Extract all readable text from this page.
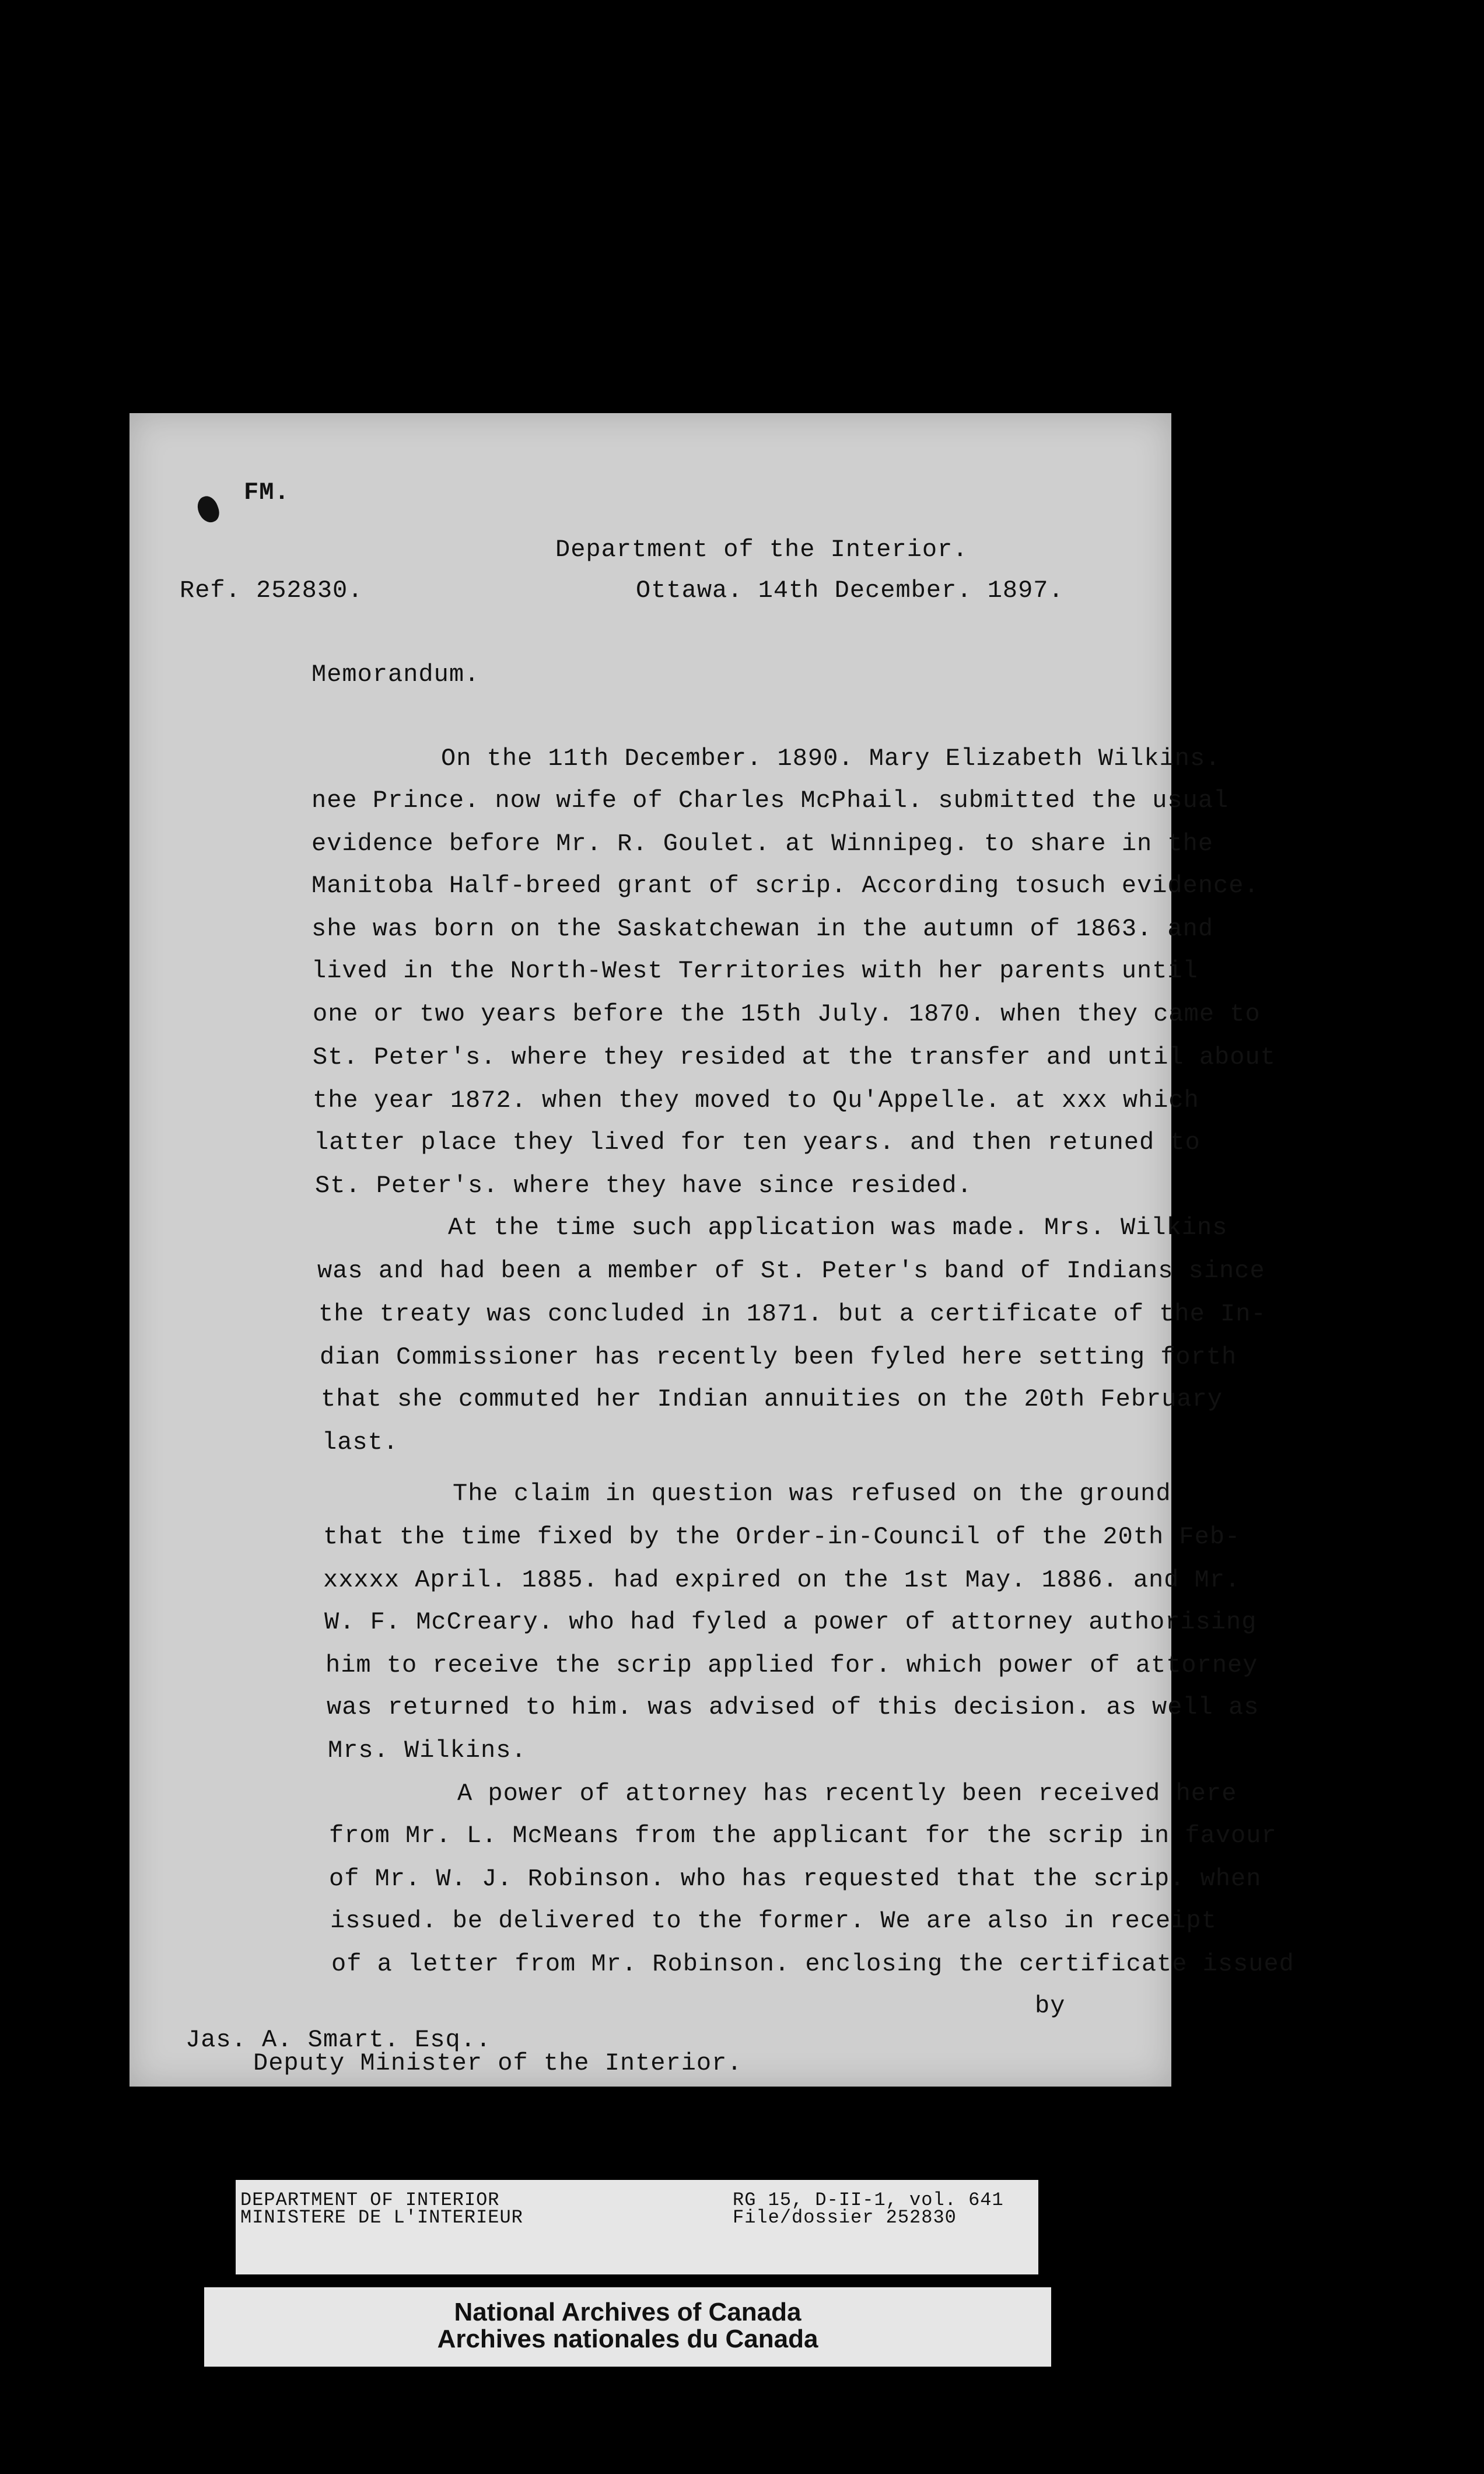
FM.
Department of the Interior.
Ref. 252830.	Ottawa. 14th December. 1897.
Memorandum.
On the 11th December. 1890. Mary Elizabeth Wilkins.
nee Prince. now wife of Charles McPhail. submitted the usual
evidence before Mr. R. Goulet. at Winnipeg. to share in the
Manitoba Half-breed grant of scrip. According tosuch evidence.
she was born on the Saskatchewan in the autumn of 1863. and
lived in the North-West Territories with her parents until
one or two years before the 15th July. 1870. when they came to
St. Peter's. where they resided at the transfer and until about
the year 1872. when they moved to Qu'Appelle. at xxx which
latter place they lived for ten years. and then retuned to
St. Peter's. where they have since resided.
At the time such application was made. Mrs. Wilkins
was and had been a member of St. Peter's band of Indians since
the treaty was concluded in 1871. but a certificate of the In-
dian Commissioner has recently been fyled here setting forth
that she commuted her Indian annuities on the 20th February
last.
The claim in question was refused on the ground
that the time fixed by the Order-in-Council of the 20th Feb-
xxxxx April. 1885. had expired on the 1st May. 1886. and Mr.
W. F. McCreary. who had fyled a power of attorney authorising
him to receive the scrip applied for. which power of attorney
was returned to him. was advised of this decision. as well as
Mrs. Wilkins.
A power of attorney has recently been received here
from Mr. L. McMeans from the applicant for the scrip in favour
of Mr. W. J. Robinson. who has requested that the scrip. when
issued. be delivered to the former. We are also in receipt
of a letter from Mr. Robinson. enclosing the certificate issued
by
Jas. A. Smart. Esq..
Deputy Minister of the Interior.
DEPARTMENT OF INTERIOR
MINISTERE DE L'INTERIEUR
RG 15, D-II-1, vol. 641
File/dossier 252830
National Archives of Canada
Archives nationales du Canada
